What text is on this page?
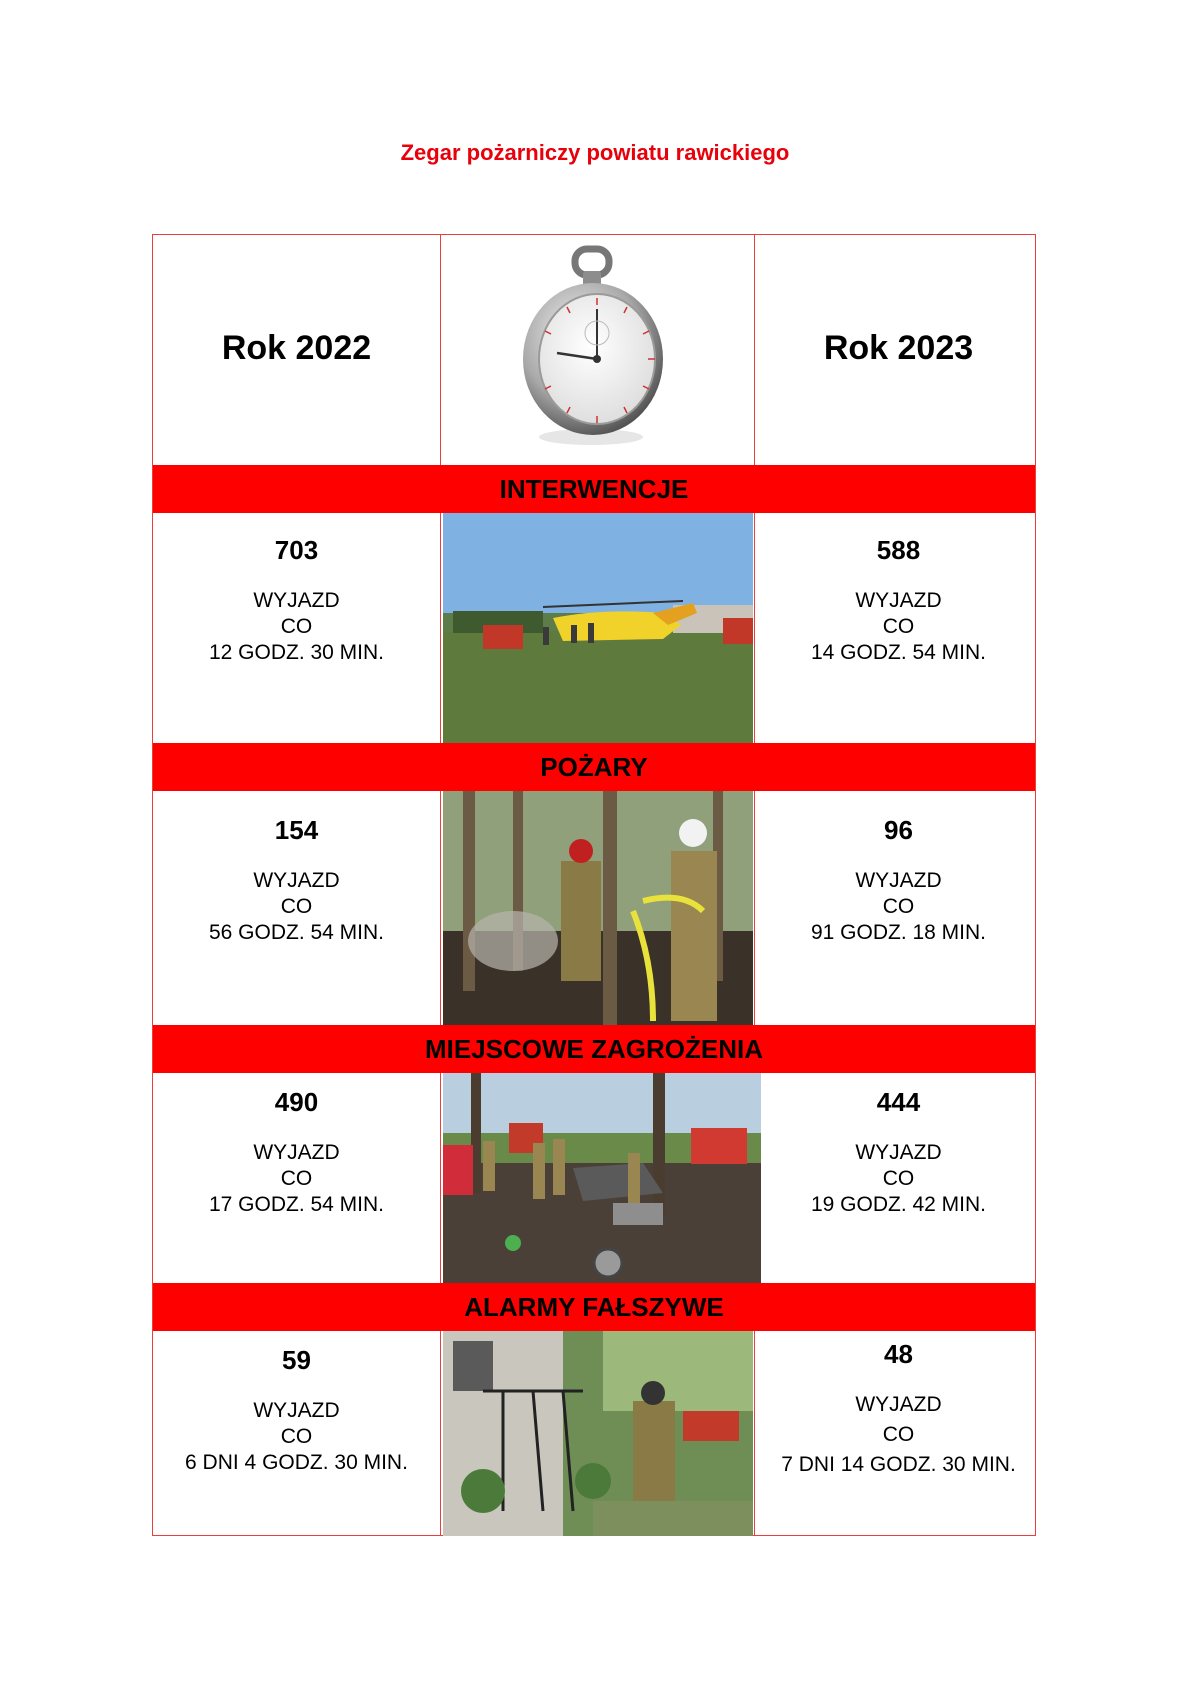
Zegar pożarniczy powiatu rawickiego
Rok 2022	Rok 2023
INTERWENCJE
703
WYJAZD
CO
12 GODZ. 30 MIN.
588
WYJAZD
CO
14 GODZ. 54 MIN.
POŻARY
154
WYJAZD
CO
56 GODZ. 54 MIN.
96
WYJAZD
CO
91 GODZ. 18 MIN.
MIEJSCOWE ZAGROŻENIA
490
WYJAZD
CO
17 GODZ. 54 MIN.
444
WYJAZD
CO
19 GODZ. 42 MIN.
ALARMY FAŁSZYWE
59
WYJAZD
CO
6 DNI 4 GODZ. 30 MIN.
48
WYJAZD
CO
7 DNI 14 GODZ. 30 MIN.
